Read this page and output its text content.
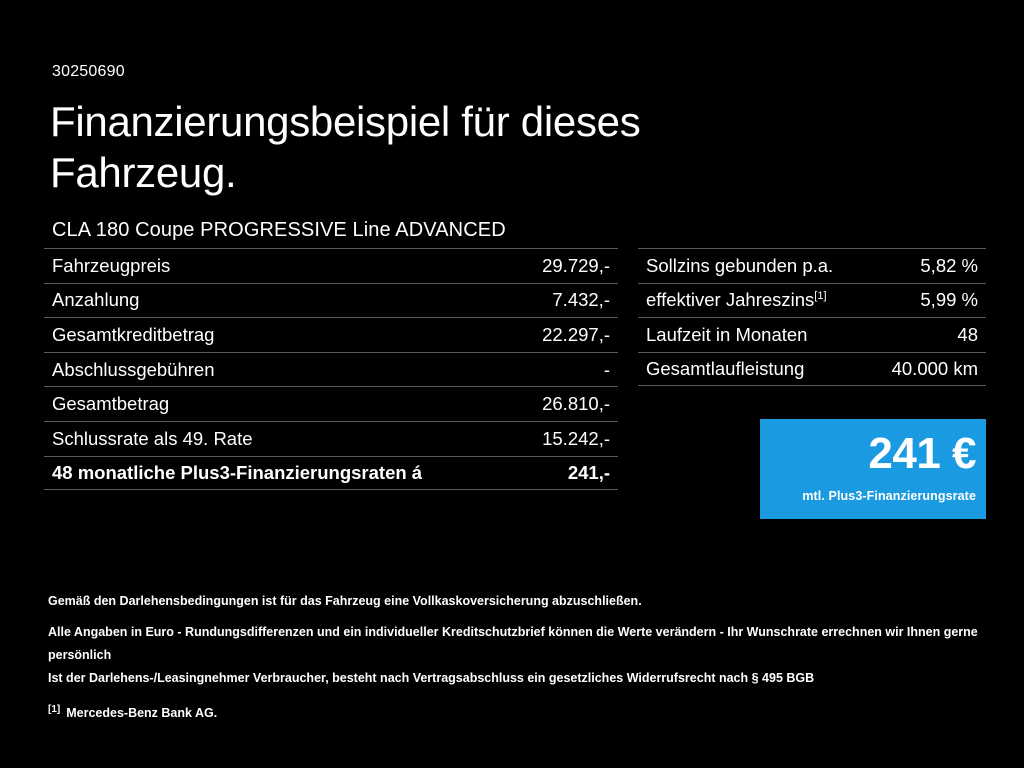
30250690
Finanzierungsbeispiel für dieses Fahrzeug.
CLA 180 Coupe PROGRESSIVE Line ADVANCED
Fahrzeugpreis	29.729,-
Anzahlung	7.432,-
Gesamtkreditbetrag	22.297,-
Abschlussgebühren	-
Gesamtbetrag	26.810,-
Schlussrate als 49. Rate	15.242,-
48 monatliche Plus3-Finanzierungsraten á	241,-
Sollzins gebunden p.a.	5,82 %
effektiver Jahreszins[1]	5,99 %
Laufzeit in Monaten	48
Gesamtlaufleistung	40.000 km
241 €
mtl. Plus3-Finanzierungsrate
Gemäß den Darlehensbedingungen ist für das Fahrzeug eine Vollkaskoversicherung abzuschließen.
Alle Angaben in Euro - Rundungsdifferenzen und ein individueller Kreditschutzbrief können die Werte verändern - Ihr Wunschrate errechnen wir Ihnen gerne persönlich
Ist der Darlehens-/Leasingnehmer Verbraucher, besteht nach Vertragsabschluss ein gesetzliches Widerrufsrecht nach § 495 BGB
[1] Mercedes-Benz Bank AG.
